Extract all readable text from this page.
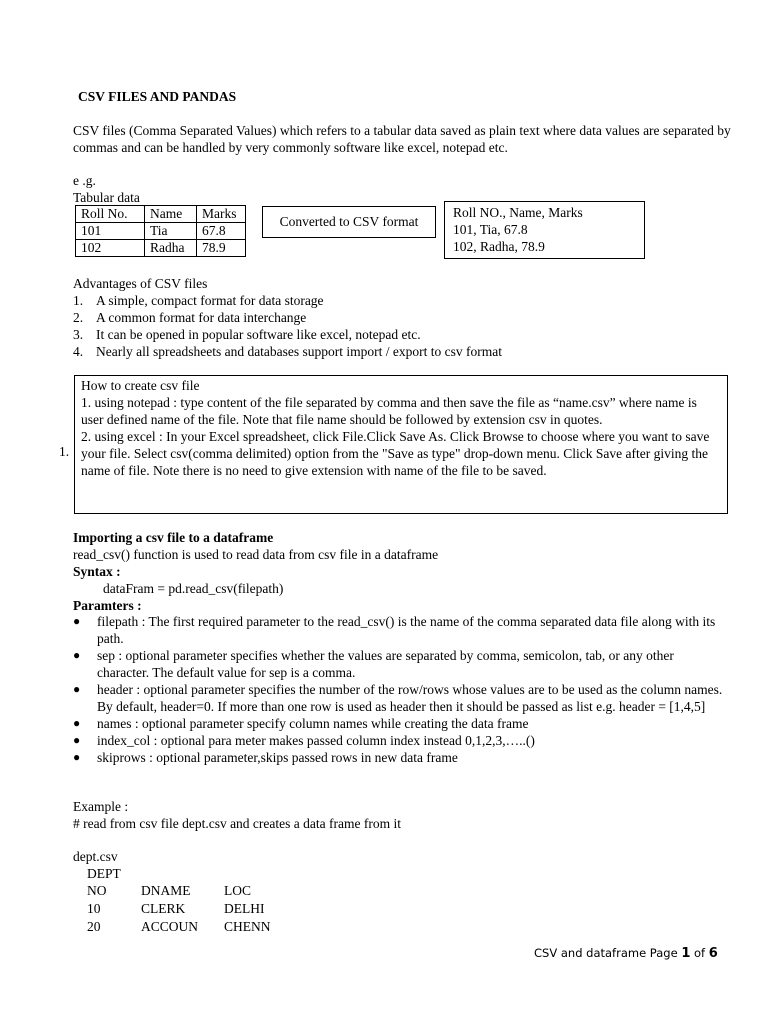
CSV FILES AND PANDAS
CSV files (Comma Separated Values) which refers to a tabular data saved as plain text where data values are separated by commas and can be handled by very commonly software like excel, notepad etc.
e .g.
Tabular data
Roll No.	Name	Marks
101	Tia	67.8
102	Radha	78.9
Converted to CSV format
Roll NO., Name, Marks
101, Tia, 67.8
102, Radha, 78.9
Advantages of CSV files
1. A simple, compact format for data storage
2. A common format for data interchange
3. It can be opened in popular software like excel, notepad etc.
4. Nearly all spreadsheets and databases support import / export to csv format
1.

How to create csv file

1. using notepad : type content of the file separated by comma and then save the file as “name.csv” where name is user defined name of the file. Note that file name should be followed by extension csv in quotes.

2. using excel : In your Excel spreadsheet, click File.Click Save As. Click Browse to choose where you want to save your file. Select csv(comma delimited) option from the "Save as type" drop-down menu. Click Save after giving the name of file. Note there is no need to give extension with name of the file to be saved.

Importing a csv file to a dataframe
read_csv() function is used to read data from csv file in a dataframe
Syntax :
dataFram = pd.read_csv(filepath)
Paramters :
●	filepath : The first required parameter to the read_csv() is the name of the comma separated data file along with its path.
●	sep : optional parameter specifies whether the values are separated by comma, semicolon, tab, or any other character. The default value for sep is a comma.
●	header : optional parameter specifies the number of the row/rows whose values are to be used as the column names. By default, header=0. If more than one row is used as header then it should be passed as list e.g. header = [1,4,5]
●	names : optional parameter specify column names while creating the data frame
●	index_col : optional para meter makes passed column index instead 0,1,2,3,…..()
●	skiprows : optional parameter,skips passed rows in new data frame
Example :
# read from csv file dept.csv and creates a data frame from it
dept.csv
DEPT
NO	DNAME	LOC
10	CLERK	DELHI
20	ACCOUN	CHENN
CSV and dataframe Page 1 of 6
